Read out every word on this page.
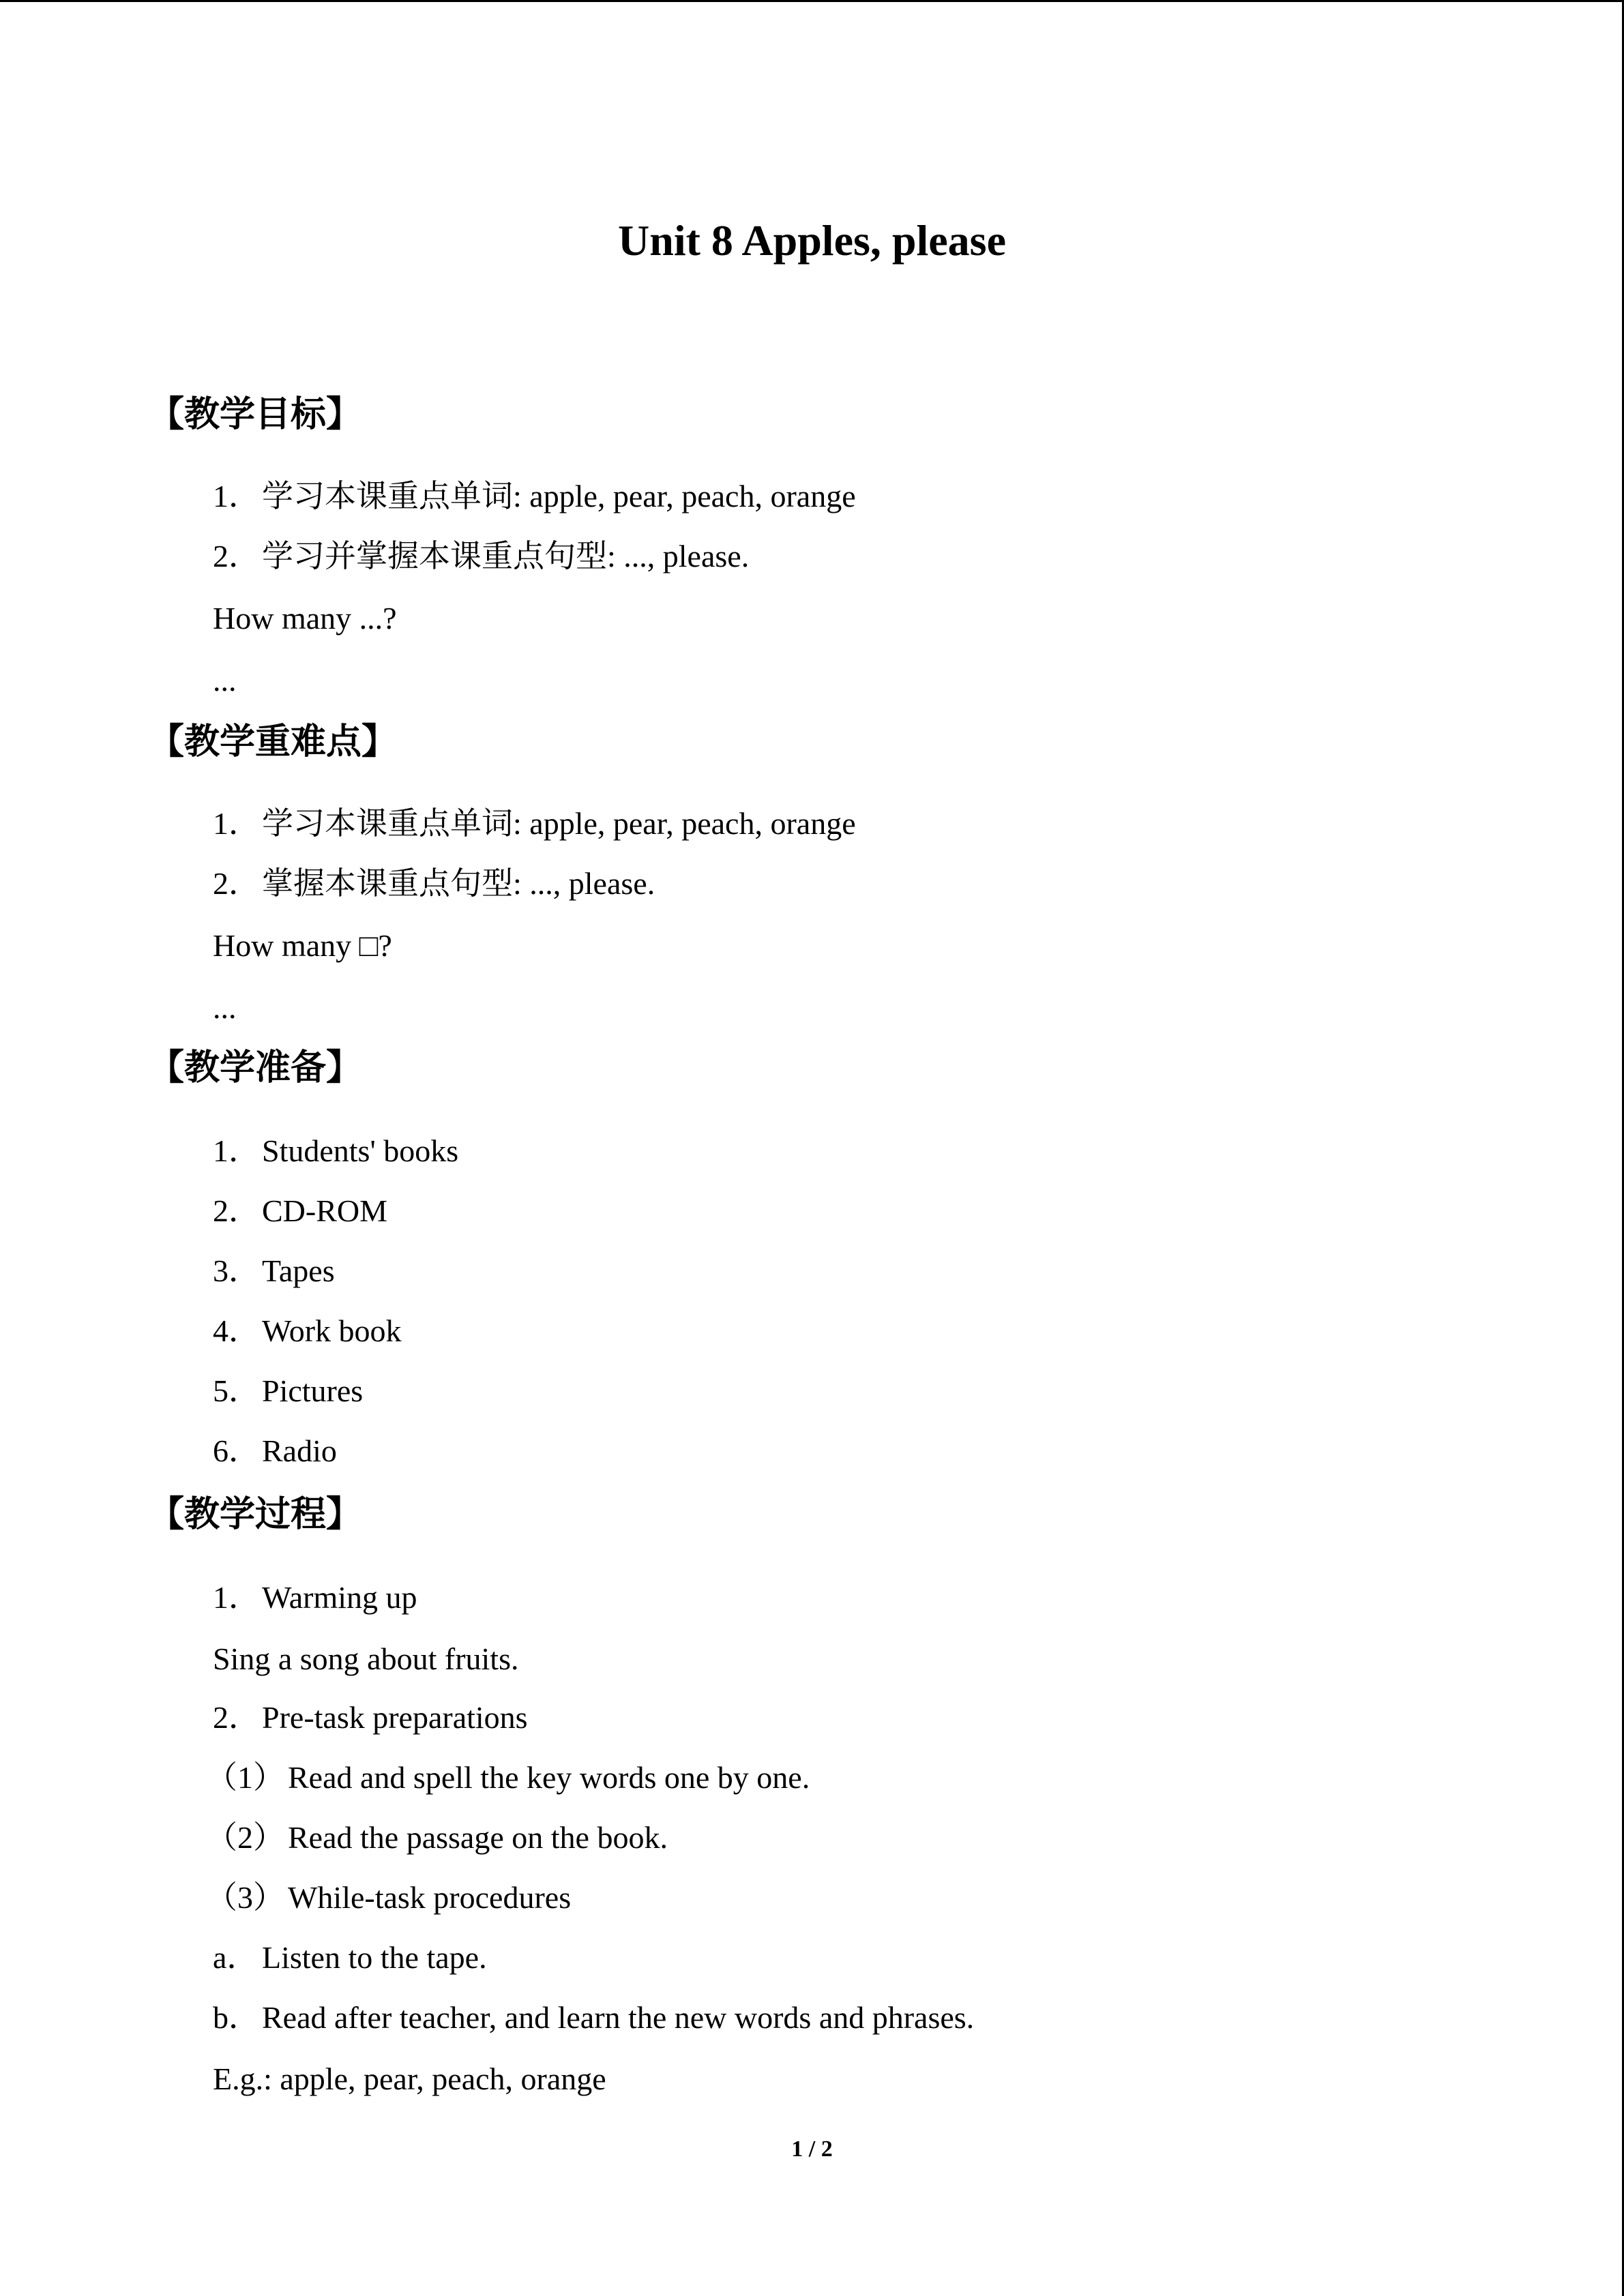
Unit 8 Apples, please
【教学目标】
1．学习本课重点单词: apple, pear, peach, orange
2．学习并掌握本课重点句型: ..., please.
How many ...?
...
【教学重难点】
1．学习本课重点单词: apple, pear, peach, orange
2．掌握本课重点句型: ..., please.
How many □?
...
【教学准备】
1．Students' books
2．CD-ROM
3．Tapes
4．Work book
5．Pictures
6．Radio
【教学过程】
1．Warming up
Sing a song about fruits.
2．Pre-task preparations
（1） Read and spell the key words one by one.
（2） Read the passage on the book.
（3） While-task procedures
a． Listen to the tape.
b．Read after teacher, and learn the new words and phrases.
E.g.: apple, pear, peach, orange
1 / 2
